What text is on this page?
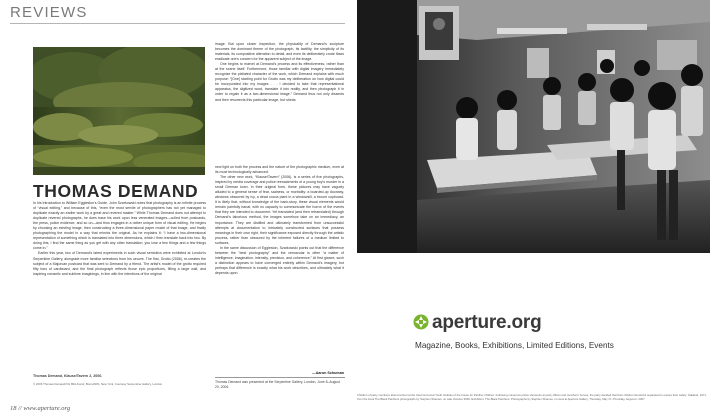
REVIEWS
THOMAS DEMAND

In his Introduction to William Eggleston's Guide, John Szarkowski notes that photography is an infinite process of “visual editing,” and because of this, “even the most servile of photographers has not yet managed to duplicate exactly an earlier work by a great and revered master.” While Thomas Demand does not attempt to duplicate revered photographs, he does base his work upon less venerated images—culled from postcards, the press, police evidence, and so on—and thus engages in a rather unique form of visual editing. He begins by choosing an existing image, then constructing a three-dimensional paper model of that image, and finally photographing the model in a way that mimics the original. As he explains it: “I have a two-dimensional representation of something which is translated into three dimensions, which I then translate back into two. By doing this, I find the same thing as you get with any other translation; you lose a few things and a few things come in.”

Earlier this year, two of Demand's latest experiments in such visual semiotics were exhibited at London's Serpentine Gallery, alongside more familiar selections from his oeuvre. The first, Grotto (2006), re-creates the subject of a Majorcan postcard that was sent to Demand by a friend. The artist's model of the grotto required fifty tons of cardboard, and the final photograph reflects those epic proportions, filling a large wall, and inspiring romantic and sublime imaginings, in line with the intentions of the original

image. But upon closer inspection, the physicality of Demand's sculpture becomes the dominant theme of the photograph, its tactility, the simplicity of its materials, its compositive alteration to detail, and even its deliberately crude flaws eradicate one's concern for the apparent subject of the image.

One begins to marvel at Demand's process and its effectiveness, rather than at the scene itself. Furthermore, those familiar with digital imagery immediately recognize the pixilated character of the work, which Demand explains with much purpose: “[One] starting point for Grotto was my deliberation on how digital could be incorporated into my images . . . I decided to take that representational apparatus, the digitized word, translate it into reality, and then photograph it in order to regain it as a two-dimensional image.” Demand thus not only dissects and then resurrects this particular image, but sheds

new light on both the process and the nature of the photographic medium, even at its most technologically advanced.

The other new work, “Klause/Tavern” (2006), is a series of five photographs, inspired by media coverage and police reenactments of a young boy's murder in a small German town. In their original form, these pictures may have vaguely alluded to a general sense of fear, sadness, or morbidity: a boarded-up doorway, windows obscured by ivy, a dead cocoa plant in a windowsill, a broom cupboard. It is likely that, without knowledge of the back-story, these visual elements would remain painfully banal, with no capacity to communicate the horror of the events that they are intended to document. Yet translated (and then retranslated) through Demand's laborious method, the images somehow take on an immediacy, an importance. They are distilled and ultimately transformed from unsuccessful attempts at documentation to intricately constructed surfaces that possess meanings in their own right, their significance exposed directly through the artistic process, rather than obscured by the inherent failures of a medium limited to surfaces.

In the same discussion of Eggleston, Szarkowski points out that the difference between the “best photography” and the vernacular is often “a matter of intelligence, imagination, intensity, precision, and coherence.” At first glance, such a distinction appears to have converged entirely within Demand's imagery, but perhaps that difference is exactly what his work describes, and ultimately what it depends upon.

—Aaron Schuman
Thomas Demand, Klause/Tavern 2, 2006.
© 2006 Thomas Demand/VG Bild-Kunst, Bonn/ARS, New York. Courtesy Serpentine Gallery, London.	Thomas Demand was presented at the Serpentine Gallery, London, June 8–August 20, 2006.
18 // www.aperture.org
aperture.org
Magazine, Books, Exhibitions, Limited Editions, Events
Children of party members attend school at the Intercommunal Youth Institute of the house for Panther children. Following numerous police shootouts at party offices and members' homes, the party decided that their children should be separated to ensure their safety. Oakland, 1971, from the book The Black Panthers photographs by Stephen Shames, on sale October 2006. Exhibition: The Black Panthers: Photographs by Stephen Shames, on view at Aperture Gallery, Thursday, May 17–Thursday, August 2, 2007.
